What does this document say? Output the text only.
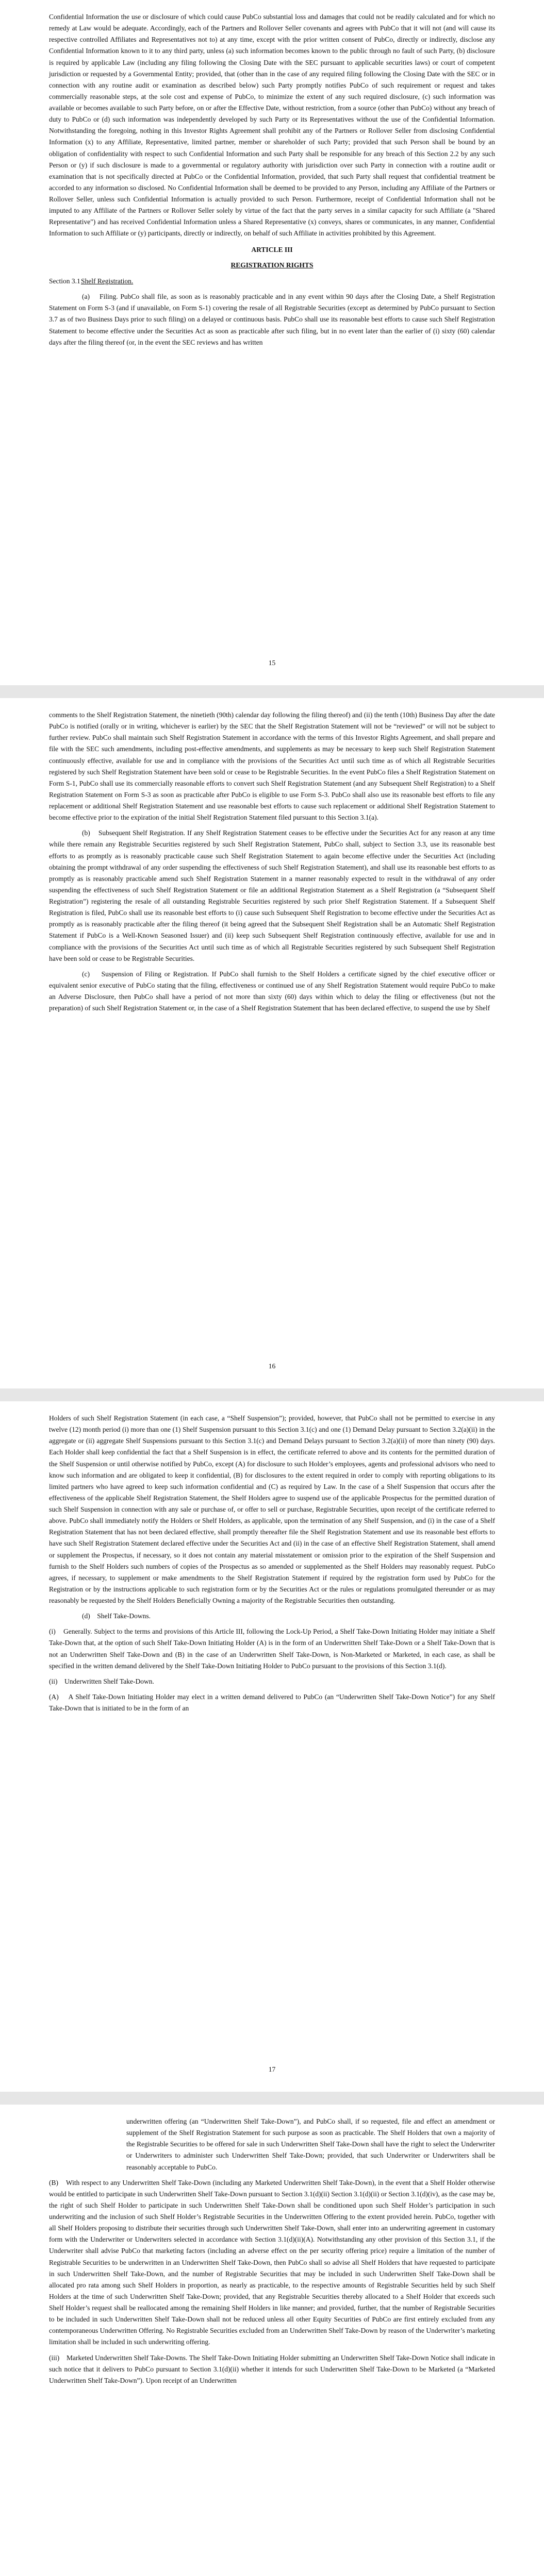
Confidential Information the use or disclosure of which could cause PubCo substantial loss and damages that could not be readily calculated and for which no remedy at Law would be adequate. Accordingly, each of the Partners and Rollover Seller covenants and agrees with PubCo that it will not (and will cause its respective controlled Affiliates and Representatives not to) at any time, except with the prior written consent of PubCo, directly or indirectly, disclose any Confidential Information known to it to any third party, unless (a) such information becomes known to the public through no fault of such Party, (b) disclosure is required by applicable Law (including any filing following the Closing Date with the SEC pursuant to applicable securities laws) or court of competent jurisdiction or requested by a Governmental Entity; provided, that (other than in the case of any required filing following the Closing Date with the SEC or in connection with any routine audit or examination as described below) such Party promptly notifies PubCo of such requirement or request and takes commercially reasonable steps, at the sole cost and expense of PubCo, to minimize the extent of any such required disclosure, (c) such information was available or becomes available to such Party before, on or after the Effective Date, without restriction, from a source (other than PubCo) without any breach of duty to PubCo or (d) such information was independently developed by such Party or its Representatives without the use of the Confidential Information. Notwithstanding the foregoing, nothing in this Investor Rights Agreement shall prohibit any of the Partners or Rollover Seller from disclosing Confidential Information (x) to any Affiliate, Representative, limited partner, member or shareholder of such Party; provided that such Person shall be bound by an obligation of confidentiality with respect to such Confidential Information and such Party shall be responsible for any breach of this Section 2.2 by any such Person or (y) if such disclosure is made to a governmental or regulatory authority with jurisdiction over such Party in connection with a routine audit or examination that is not specifically directed at PubCo or the Confidential Information, provided, that such Party shall request that confidential treatment be accorded to any information so disclosed. No Confidential Information shall be deemed to be provided to any Person, including any Affiliate of the Partners or Rollover Seller, unless such Confidential Information is actually provided to such Person. Furthermore, receipt of Confidential Information shall not be imputed to any Affiliate of the Partners or Rollover Seller solely by virtue of the fact that the party serves in a similar capacity for such Affiliate (a "Shared Representative") and has received Confidential Information unless a Shared Representative (x) conveys, shares or communicates, in any manner, Confidential Information to such Affiliate or (y) participants, directly or indirectly, on behalf of such Affiliate in activities prohibited by this Agreement.

ARTICLE III
REGISTRATION RIGHTS
Section 3.1Shelf Registration.

(a)    Filing. PubCo shall file, as soon as is reasonably practicable and in any event within 90 days after the Closing Date, a Shelf Registration Statement on Form S-3 (and if unavailable, on Form S-1) covering the resale of all Registrable Securities (except as determined by PubCo pursuant to Section 3.7 as of two Business Days prior to such filing) on a delayed or continuous basis. PubCo shall use its reasonable best efforts to cause such Shelf Registration Statement to become effective under the Securities Act as soon as practicable after such filing, but in no event later than the earlier of (i) sixty (60) calendar days after the filing thereof (or, in the event the SEC reviews and has written

15

comments to the Shelf Registration Statement, the ninetieth (90th) calendar day following the filing thereof) and (ii) the tenth (10th) Business Day after the date PubCo is notified (orally or in writing, whichever is earlier) by the SEC that the Shelf Registration Statement will not be “reviewed” or will not be subject to further review. PubCo shall maintain such Shelf Registration Statement in accordance with the terms of this Investor Rights Agreement, and shall prepare and file with the SEC such amendments, including post-effective amendments, and supplements as may be necessary to keep such Shelf Registration Statement continuously effective, available for use and in compliance with the provisions of the Securities Act until such time as of which all Registrable Securities registered by such Shelf Registration Statement have been sold or cease to be Registrable Securities. In the event PubCo files a Shelf Registration Statement on Form S-1, PubCo shall use its commercially reasonable efforts to convert such Shelf Registration Statement (and any Subsequent Shelf Registration) to a Shelf Registration Statement on Form S-3 as soon as practicable after PubCo is eligible to use Form S-3. PubCo shall also use its reasonable best efforts to file any replacement or additional Shelf Registration Statement and use reasonable best efforts to cause such replacement or additional Shelf Registration Statement to become effective prior to the expiration of the initial Shelf Registration Statement filed pursuant to this Section 3.1(a).

(b)    Subsequent Shelf Registration. If any Shelf Registration Statement ceases to be effective under the Securities Act for any reason at any time while there remain any Registrable Securities registered by such Shelf Registration Statement, PubCo shall, subject to Section 3.3, use its reasonable best efforts to as promptly as is reasonably practicable cause such Shelf Registration Statement to again become effective under the Securities Act (including obtaining the prompt withdrawal of any order suspending the effectiveness of such Shelf Registration Statement), and shall use its reasonable best efforts to as promptly as is reasonably practicable amend such Shelf Registration Statement in a manner reasonably expected to result in the withdrawal of any order suspending the effectiveness of such Shelf Registration Statement or file an additional Registration Statement as a Shelf Registration (a “Subsequent Shelf Registration”) registering the resale of all outstanding Registrable Securities registered by such prior Shelf Registration Statement. If a Subsequent Shelf Registration is filed, PubCo shall use its reasonable best efforts to (i) cause such Subsequent Shelf Registration to become effective under the Securities Act as promptly as is reasonably practicable after the filing thereof (it being agreed that the Subsequent Shelf Registration shall be an Automatic Shelf Registration Statement if PubCo is a Well-Known Seasoned Issuer) and (ii) keep such Subsequent Shelf Registration continuously effective, available for use and in compliance with the provisions of the Securities Act until such time as of which all Registrable Securities registered by such Subsequent Shelf Registration have been sold or cease to be Registrable Securities.

(c)    Suspension of Filing or Registration. If PubCo shall furnish to the Shelf Holders a certificate signed by the chief executive officer or equivalent senior executive of PubCo stating that the filing, effectiveness or continued use of any Shelf Registration Statement would require PubCo to make an Adverse Disclosure, then PubCo shall have a period of not more than sixty (60) days within which to delay the filing or effectiveness (but not the preparation) of such Shelf Registration Statement or, in the case of a Shelf Registration Statement that has been declared effective, to suspend the use by Shelf

16

Holders of such Shelf Registration Statement (in each case, a “Shelf Suspension”); provided, however, that PubCo shall not be permitted to exercise in any twelve (12) month period (i) more than one (1) Shelf Suspension pursuant to this Section 3.1(c) and one (1) Demand Delay pursuant to Section 3.2(a)(ii) in the aggregate or (ii) aggregate Shelf Suspensions pursuant to this Section 3.1(c) and Demand Delays pursuant to Section 3.2(a)(ii) of more than ninety (90) days. Each Holder shall keep confidential the fact that a Shelf Suspension is in effect, the certificate referred to above and its contents for the permitted duration of the Shelf Suspension or until otherwise notified by PubCo, except (A) for disclosure to such Holder’s employees, agents and professional advisors who need to know such information and are obligated to keep it confidential, (B) for disclosures to the extent required in order to comply with reporting obligations to its limited partners who have agreed to keep such information confidential and (C) as required by Law. In the case of a Shelf Suspension that occurs after the effectiveness of the applicable Shelf Registration Statement, the Shelf Holders agree to suspend use of the applicable Prospectus for the permitted duration of such Shelf Suspension in connection with any sale or purchase of, or offer to sell or purchase, Registrable Securities, upon receipt of the certificate referred to above. PubCo shall immediately notify the Holders or Shelf Holders, as applicable, upon the termination of any Shelf Suspension, and (i) in the case of a Shelf Registration Statement that has not been declared effective, shall promptly thereafter file the Shelf Registration Statement and use its reasonable best efforts to have such Shelf Registration Statement declared effective under the Securities Act and (ii) in the case of an effective Shelf Registration Statement, shall amend or supplement the Prospectus, if necessary, so it does not contain any material misstatement or omission prior to the expiration of the Shelf Suspension and furnish to the Shelf Holders such numbers of copies of the Prospectus as so amended or supplemented as the Shelf Holders may reasonably request. PubCo agrees, if necessary, to supplement or make amendments to the Shelf Registration Statement if required by the registration form used by PubCo for the Registration or by the instructions applicable to such registration form or by the Securities Act or the rules or regulations promulgated thereunder or as may reasonably be requested by the Shelf Holders Beneficially Owning a majority of the Registrable Securities then outstanding.

(d)    Shelf Take-Downs.

(i)    Generally. Subject to the terms and provisions of this Article III, following the Lock-Up Period, a Shelf Take-Down Initiating Holder may initiate a Shelf Take-Down that, at the option of such Shelf Take-Down Initiating Holder (A) is in the form of an Underwritten Shelf Take-Down or a Shelf Take-Down that is not an Underwritten Shelf Take-Down and (B) in the case of an Underwritten Shelf Take-Down, is Non-Marketed or Marketed, in each case, as shall be specified in the written demand delivered by the Shelf Take-Down Initiating Holder to PubCo pursuant to the provisions of this Section 3.1(d).

(ii)    Underwritten Shelf Take-Down.

(A)    A Shelf Take-Down Initiating Holder may elect in a written demand delivered to PubCo (an “Underwritten Shelf Take-Down Notice”) for any Shelf Take-Down that is initiated to be in the form of an

17

underwritten offering (an “Underwritten Shelf Take-Down”), and PubCo shall, if so requested, file and effect an amendment or supplement of the Shelf Registration Statement for such purpose as soon as practicable. The Shelf Holders that own a majority of the Registrable Securities to be offered for sale in such Underwritten Shelf Take-Down shall have the right to select the Underwriter or Underwriters to administer such Underwritten Shelf Take-Down; provided, that such Underwriter or Underwriters shall be reasonably acceptable to PubCo.

(B)    With respect to any Underwritten Shelf Take-Down (including any Marketed Underwritten Shelf Take-Down), in the event that a Shelf Holder otherwise would be entitled to participate in such Underwritten Shelf Take-Down pursuant to Section 3.1(d)(ii) Section 3.1(d)(ii) or Section 3.1(d)(iv), as the case may be, the right of such Shelf Holder to participate in such Underwritten Shelf Take-Down shall be conditioned upon such Shelf Holder’s participation in such underwriting and the inclusion of such Shelf Holder’s Registrable Securities in the Underwritten Offering to the extent provided herein. PubCo, together with all Shelf Holders proposing to distribute their securities through such Underwritten Shelf Take-Down, shall enter into an underwriting agreement in customary form with the Underwriter or Underwriters selected in accordance with Section 3.1(d)(ii)(A). Notwithstanding any other provision of this Section 3.1, if the Underwriter shall advise PubCo that marketing factors (including an adverse effect on the per security offering price) require a limitation of the number of Registrable Securities to be underwritten in an Underwritten Shelf Take-Down, then PubCo shall so advise all Shelf Holders that have requested to participate in such Underwritten Shelf Take-Down, and the number of Registrable Securities that may be included in such Underwritten Shelf Take-Down shall be allocated pro rata among such Shelf Holders in proportion, as nearly as practicable, to the respective amounts of Registrable Securities held by such Shelf Holders at the time of such Underwritten Shelf Take-Down; provided, that any Registrable Securities thereby allocated to a Shelf Holder that exceeds such Shelf Holder’s request shall be reallocated among the remaining Shelf Holders in like manner; and provided, further, that the number of Registrable Securities to be included in such Underwritten Shelf Take-Down shall not be reduced unless all other Equity Securities of PubCo are first entirely excluded from any contemporaneous Underwritten Offering. No Registrable Securities excluded from an Underwritten Shelf Take-Down by reason of the Underwriter’s marketing limitation shall be included in such underwriting offering.

(iii)    Marketed Underwritten Shelf Take-Downs. The Shelf Take-Down Initiating Holder submitting an Underwritten Shelf Take-Down Notice shall indicate in such notice that it delivers to PubCo pursuant to Section 3.1(d)(ii) whether it intends for such Underwritten Shelf Take-Down to be Marketed (a “Marketed Underwritten Shelf Take-Down”). Upon receipt of an Underwritten
